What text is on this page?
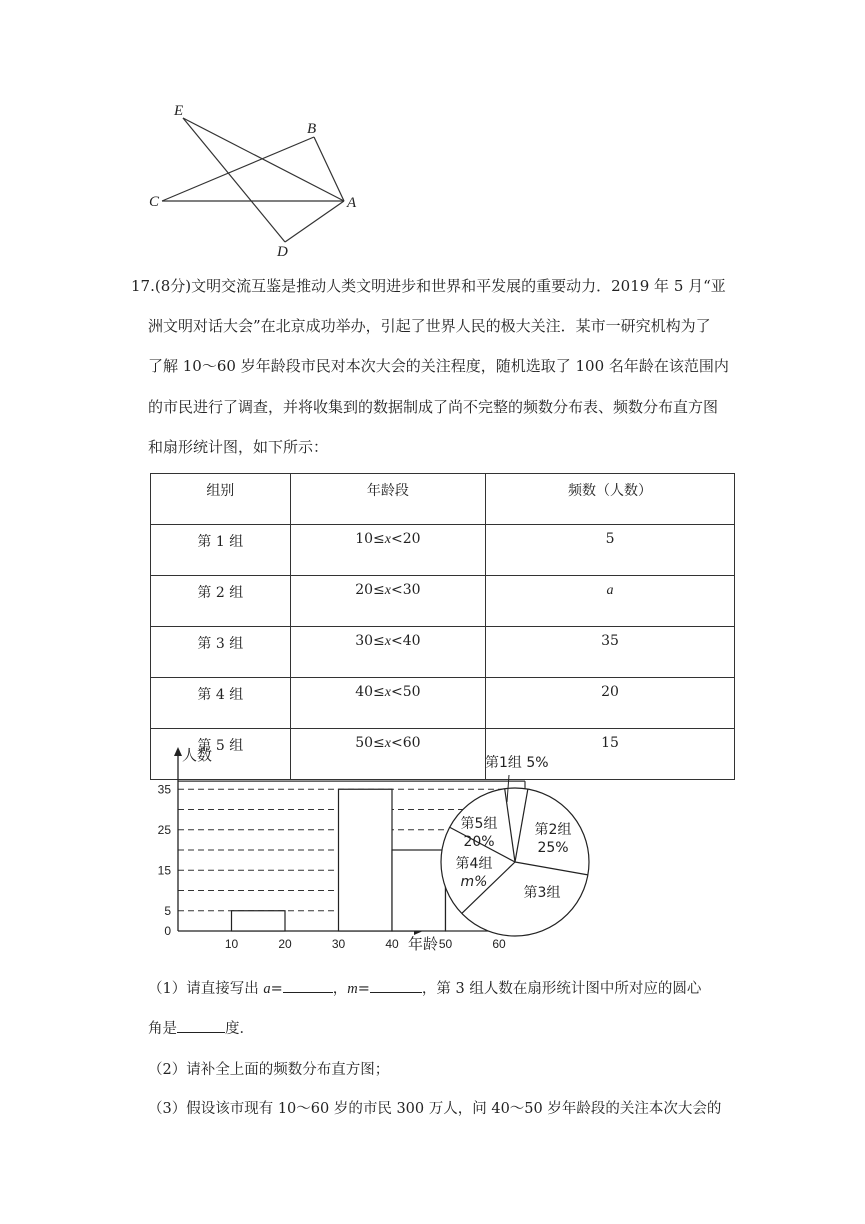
E
B
C	A
D
17.(8分)文明交流互鉴是推动人类文明进步和世界和平发展的重要动力．2019 年 5 月“亚
洲文明对话大会”在北京成功举办，引起了世界人民的极大关注．某市一研究机构为了
了解 10～60 岁年龄段市民对本次大会的关注程度，随机选取了 100 名年龄在该范围内
的市民进行了调查，并将收集到的数据制成了尚不完整的频数分布表、频数分布直方图
和扇形统计图，如下所示：
组别	年龄段	频数（人数）
第 1 组	10≤x<20	5
第 2 组	20≤x<30	a
第 3 组	30≤x<40	35
第 4 组	40≤x<50	20
第 5 组	50≤x<60	15
0
5
15
25
35
10	20	30	40	50	60
人数
年龄
第1组 5%
第2组
25%
第3组
第4组
m%
第5组
20%
（1）请直接写出 a=	，m=	，第 3 组人数在扇形统计图中所对应的圆心
角是	度．
（2）请补全上面的频数分布直方图；
（3）假设该市现有 10～60 岁的市民 300 万人，问 40～50 岁年龄段的关注本次大会的
